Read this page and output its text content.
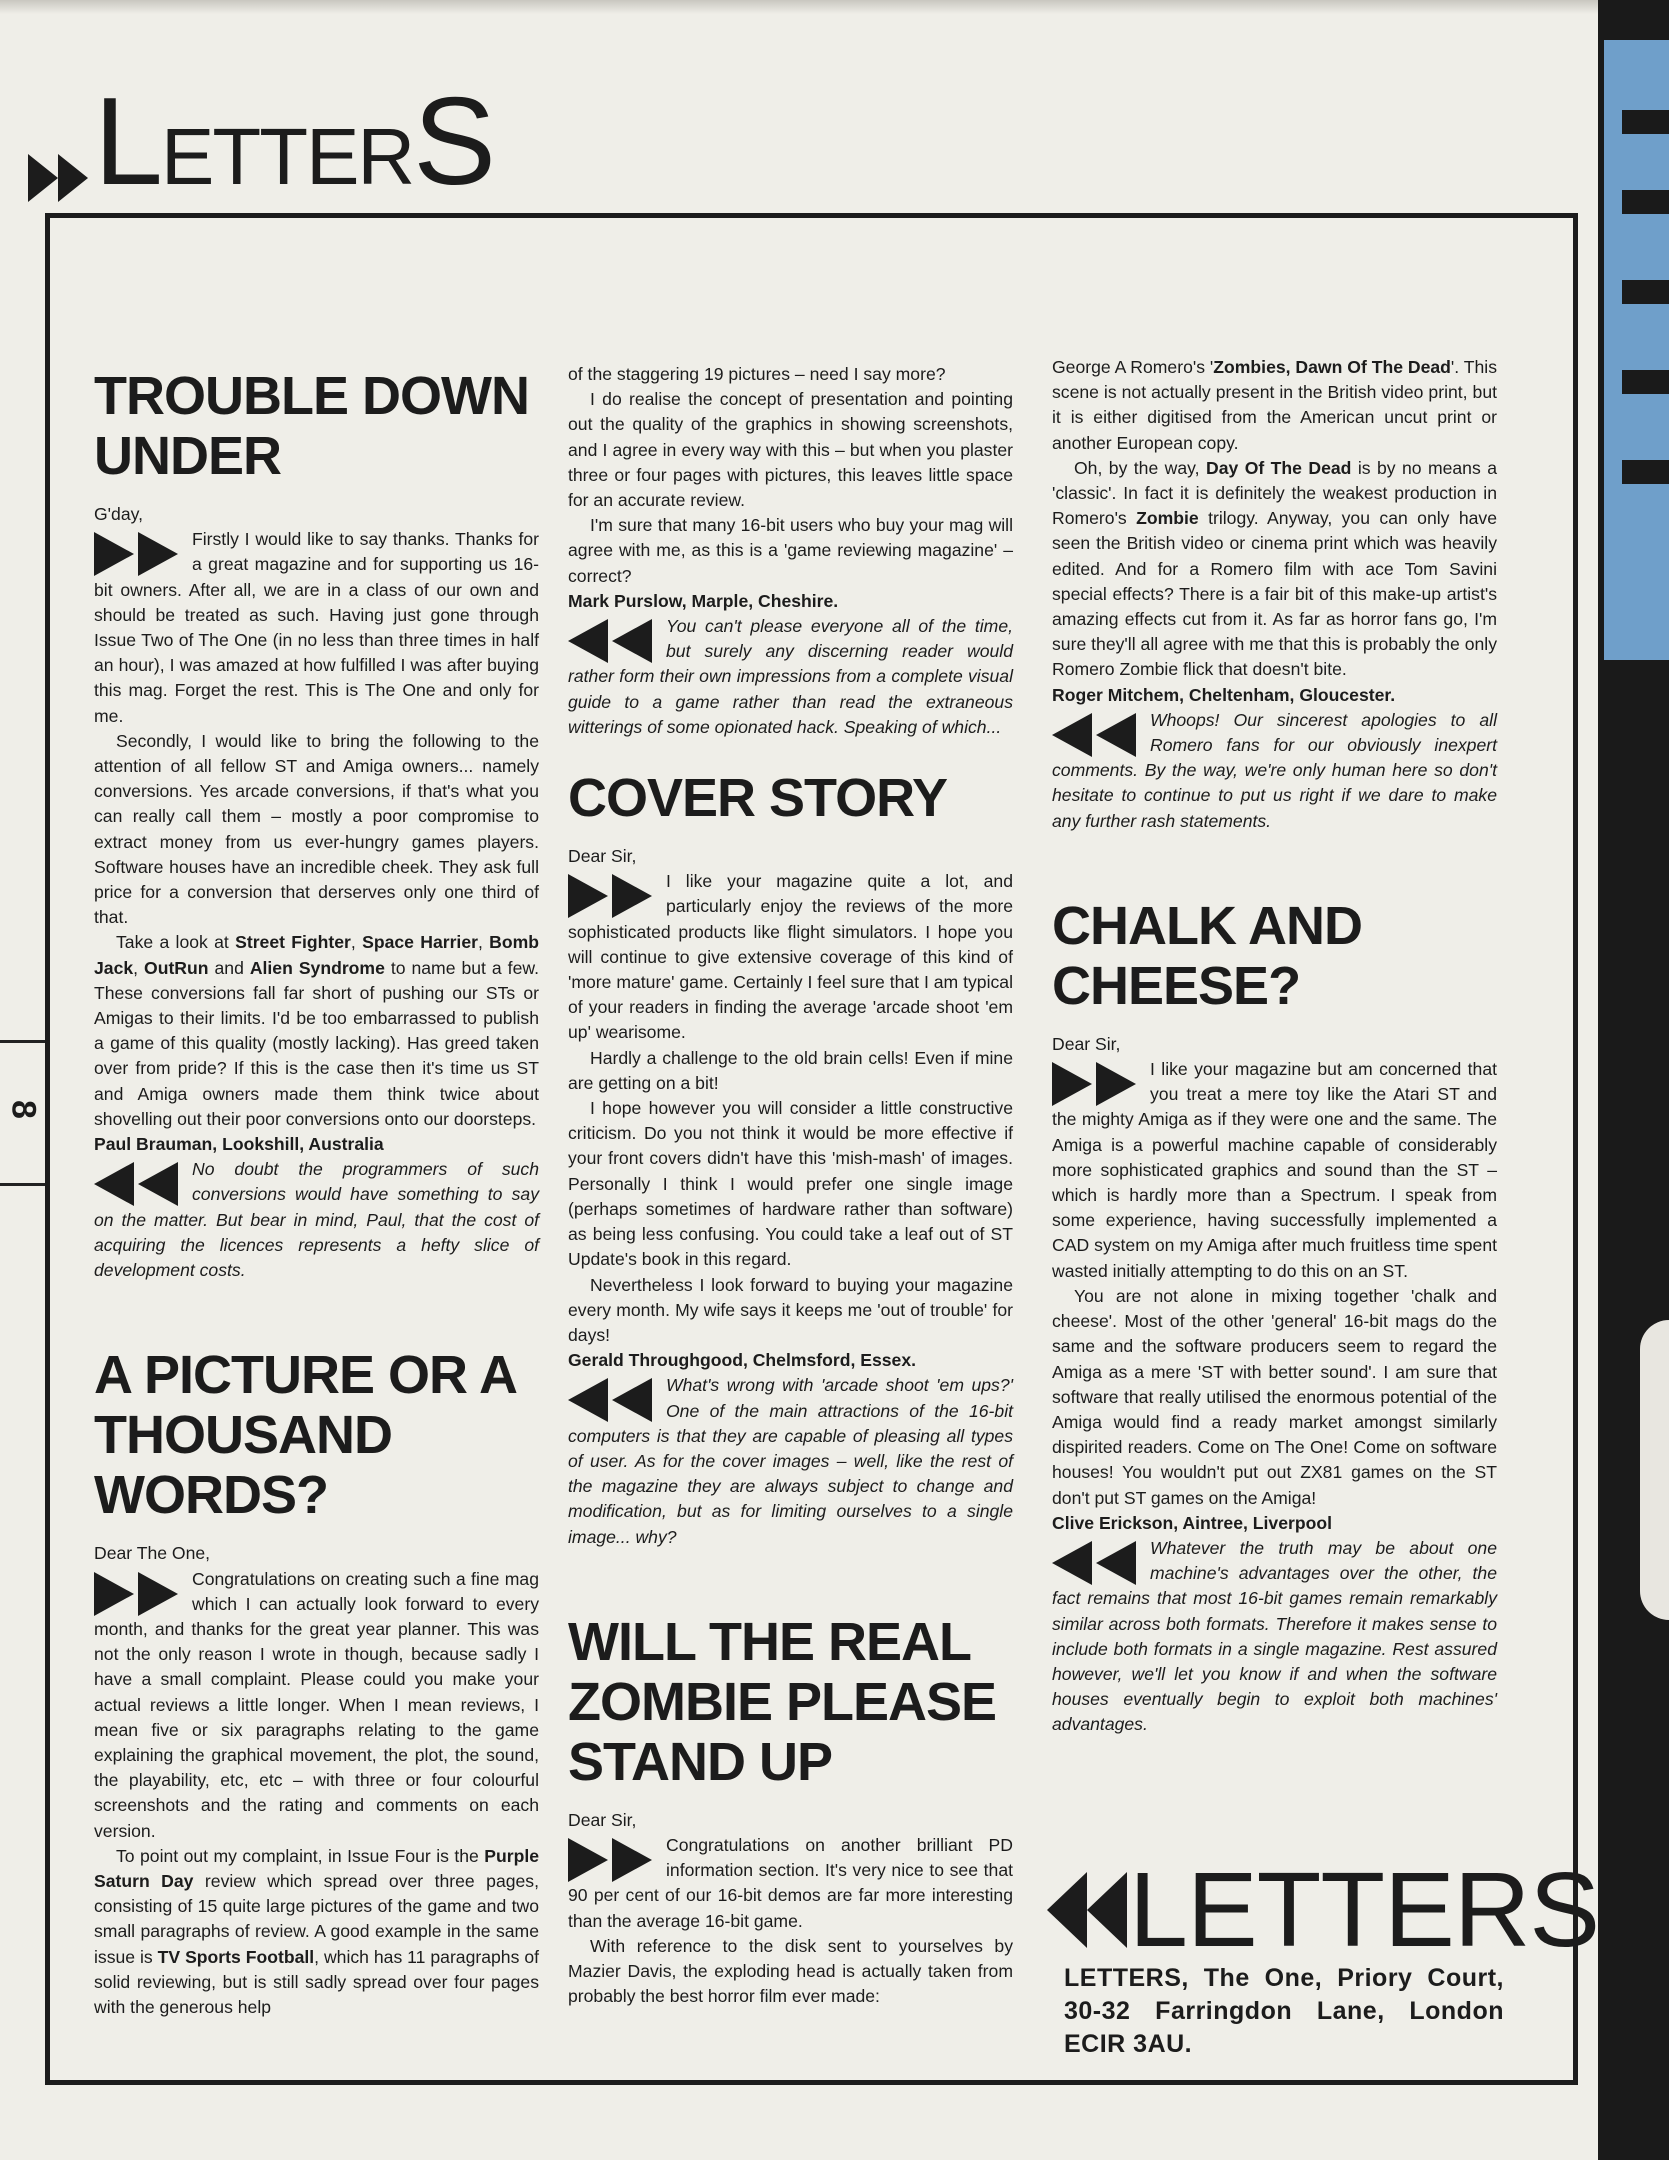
8
LETTERS
TROUBLE DOWN UNDER

G'day,

Firstly I would like to say thanks. Thanks for a great magazine and for supporting us 16-bit owners. After all, we are in a class of our own and should be treated as such. Having just gone through Issue Two of The One (in no less than three times in half an hour), I was amazed at how fulfilled I was after buying this mag. Forget the rest. This is The One and only for me.

Secondly, I would like to bring the following to the attention of all fellow ST and Amiga owners... namely conversions. Yes arcade conversions, if that's what you can really call them – mostly a poor compromise to extract money from us ever-hungry games players. Software houses have an incredible cheek. They ask full price for a conversion that derserves only one third of that.

Take a look at Street Fighter, Space Harrier, Bomb Jack, OutRun and Alien Syndrome to name but a few. These conversions fall far short of pushing our STs or Amigas to their limits. I'd be too embarrassed to publish a game of this quality (mostly lacking). Has greed taken over from pride? If this is the case then it's time us ST and Amiga owners made them think twice about shovelling out their poor conversions onto our doorsteps.

Paul Brauman, Lookshill, Australia

No doubt the programmers of such conversions would have something to say on the matter. But bear in mind, Paul, that the cost of acquiring the licences represents a hefty slice of development costs.

A PICTURE OR A THOUSAND WORDS?

Dear The One,

Congratulations on creating such a fine mag which I can actually look forward to every month, and thanks for the great year planner. This was not the only reason I wrote in though, because sadly I have a small complaint. Please could you make your actual reviews a little longer. When I mean reviews, I mean five or six paragraphs relating to the game explaining the graphical movement, the plot, the sound, the playability, etc, etc – with three or four colourful screenshots and the rating and comments on each version.

To point out my complaint, in Issue Four is the Purple Saturn Day review which spread over three pages, consisting of 15 quite large pictures of the game and two small paragraphs of review. A good example in the same issue is TV Sports Football, which has 11 paragraphs of solid reviewing, but is still sadly spread over four pages with the generous help

of the staggering 19 pictures – need I say more?

I do realise the concept of presentation and pointing out the quality of the graphics in showing screenshots, and I agree in every way with this – but when you plaster three or four pages with pictures, this leaves little space for an accurate review.

I'm sure that many 16-bit users who buy your mag will agree with me, as this is a 'game reviewing magazine' – correct?

Mark Purslow, Marple, Cheshire.

You can't please everyone all of the time, but surely any discerning reader would rather form their own impressions from a complete visual guide to a game rather than read the extraneous witterings of some opionated hack. Speaking of which...

COVER STORY

Dear Sir,

I like your magazine quite a lot, and particularly enjoy the reviews of the more sophisticated products like flight simulators. I hope you will continue to give extensive coverage of this kind of 'more mature' game. Certainly I feel sure that I am typical of your readers in finding the average 'arcade shoot 'em up' wearisome.

Hardly a challenge to the old brain cells! Even if mine are getting on a bit!

I hope however you will consider a little constructive criticism. Do you not think it would be more effective if your front covers didn't have this 'mish-mash' of images. Personally I think I would prefer one single image (perhaps sometimes of hardware rather than software) as being less confusing. You could take a leaf out of ST Update's book in this regard.

Nevertheless I look forward to buying your magazine every month. My wife says it keeps me 'out of trouble' for days!

Gerald Throughgood, Chelmsford, Essex.

What's wrong with 'arcade shoot 'em ups?' One of the main attractions of the 16-bit computers is that they are capable of pleasing all types of user. As for the cover images – well, like the rest of the magazine they are always subject to change and modification, but as for limiting ourselves to a single image... why?

WILL THE REAL ZOMBIE PLEASE STAND UP

Dear Sir,

Congratulations on another brilliant PD information section. It's very nice to see that 90 per cent of our 16-bit demos are far more interesting than the average 16-bit game.

With reference to the disk sent to yourselves by Mazier Davis, the exploding head is actually taken from probably the best horror film ever made:

George A Romero's 'Zombies, Dawn Of The Dead'. This scene is not actually present in the British video print, but it is either digitised from the American uncut print or another European copy.

Oh, by the way, Day Of The Dead is by no means a 'classic'. In fact it is definitely the weakest production in Romero's Zombie trilogy. Anyway, you can only have seen the British video or cinema print which was heavily edited. And for a Romero film with ace Tom Savini special effects? There is a fair bit of this make-up artist's amazing effects cut from it. As far as horror fans go, I'm sure they'll all agree with me that this is probably the only Romero Zombie flick that doesn't bite.

Roger Mitchem, Cheltenham, Gloucester.

Whoops! Our sincerest apologies to all Romero fans for our obviously inexpert comments. By the way, we're only human here so don't hesitate to continue to put us right if we dare to make any further rash statements.

CHALK AND CHEESE?

Dear Sir,

I like your magazine but am concerned that you treat a mere toy like the Atari ST and the mighty Amiga as if they were one and the same. The Amiga is a powerful machine capable of considerably more sophisticated graphics and sound than the ST – which is hardly more than a Spectrum. I speak from some experience, having successfully implemented a CAD system on my Amiga after much fruitless time spent wasted initially attempting to do this on an ST.

You are not alone in mixing together 'chalk and cheese'. Most of the other 'general' 16-bit mags do the same and the software producers seem to regard the Amiga as a mere 'ST with better sound'. I am sure that software that really utilised the enormous potential of the Amiga would find a ready market amongst similarly dispirited readers. Come on The One! Come on software houses! You wouldn't put out ZX81 games on the ST don't put ST games on the Amiga!

Clive Erickson, Aintree, Liverpool

Whatever the truth may be about one machine's advantages over the other, the fact remains that most 16-bit games remain remarkably similar across both formats. Therefore it makes sense to include both formats in a single magazine. Rest assured however, we'll let you know if and when the software houses eventually begin to exploit both machines' advantages.

LETTERS
LETTERS, The One, Priory Court, 30-32 Farringdon Lane, London ECIR 3AU.
